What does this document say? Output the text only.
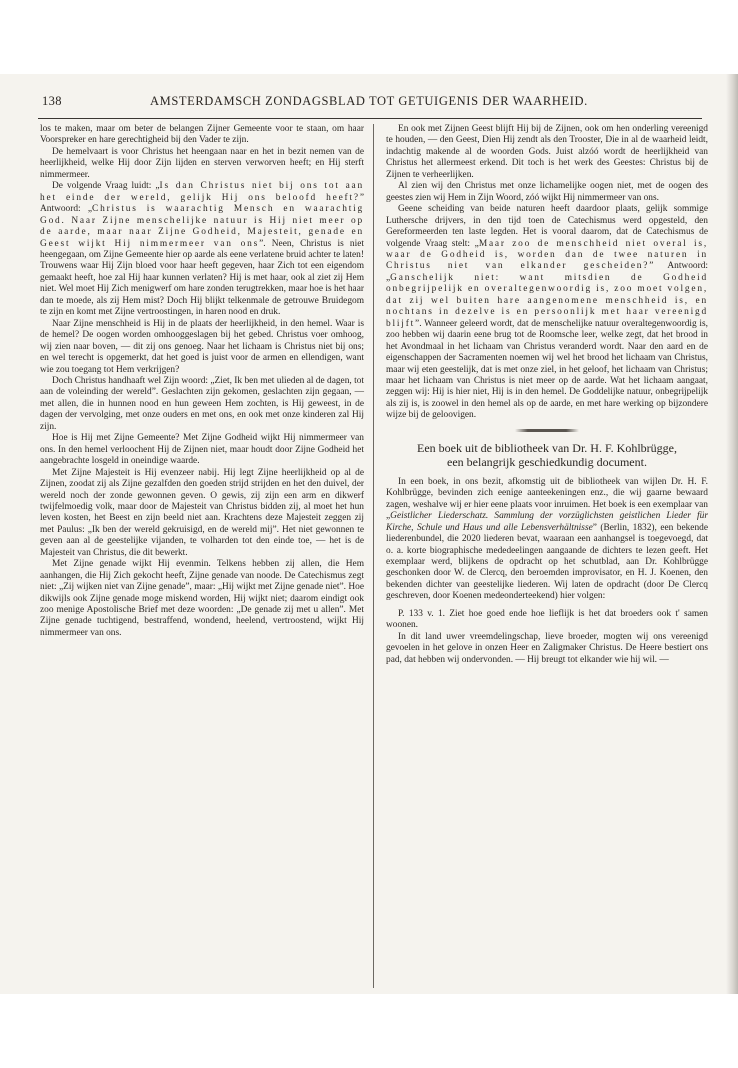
138	AMSTERDAMSCH ZONDAGSBLAD TOT GETUIGENIS DER WAARHEID.

los te maken, maar om beter de belangen Zijner Gemeente voor te staan, om haar Voorspreker en hare gerechtigheid bij den Vader te zijn.

De hemelvaart is voor Christus het heengaan naar en het in bezit nemen van de heerlijkheid, welke Hij door Zijn lijden en sterven verworven heeft; en Hij sterft nimmermeer.

De volgende Vraag luidt: „Is dan Christus niet bij ons tot aan het einde der wereld, gelijk Hij ons beloofd heeft?” Antwoord: „Christus is waarachtig Mensch en waarachtig God. Naar Zijne menschelijke natuur is Hij niet meer op de aarde, maar naar Zijne Godheid, Majesteit, genade en Geest wijkt Hij nimmermeer van ons”. Neen, Christus is niet heengegaan, om Zijne Gemeente hier op aarde als eene verlatene bruid achter te laten! Trouwens waar Hij Zijn bloed voor haar heeft gegeven, haar Zich tot een eigendom gemaakt heeft, hoe zal Hij haar kunnen verlaten? Hij is met haar, ook al ziet zij Hem niet. Wel moet Hij Zich menigwerf om hare zonden terugtrekken, maar hoe is het haar dan te moede, als zij Hem mist? Doch Hij blijkt telkenmale de getrouwe Bruidegom te zijn en komt met Zijne vertroostingen, in haren nood en druk.

Naar Zijne menschheid is Hij in de plaats der heerlijkheid, in den hemel. Waar is de hemel? De oogen worden omhooggeslagen bij het gebed. Christus voer omhoog, wij zien naar boven, — dit zij ons genoeg. Naar het lichaam is Christus niet bij ons; en wel terecht is opgemerkt, dat het goed is juist voor de armen en ellendigen, want wie zou toegang tot Hem verkrijgen?

Doch Christus handhaaft wel Zijn woord: „Ziet, Ik ben met ulieden al de dagen, tot aan de voleinding der wereld”. Geslachten zijn gekomen, geslachten zijn gegaan, — met allen, die in hunnen nood en hun geween Hem zochten, is Hij geweest, in de dagen der vervolging, met onze ouders en met ons, en ook met onze kinderen zal Hij zijn.

Hoe is Hij met Zijne Gemeente? Met Zijne Godheid wijkt Hij nimmermeer van ons. In den hemel verloochent Hij de Zijnen niet, maar houdt door Zijne Godheid het aangebrachte losgeld in oneindige waarde.

Met Zijne Majesteit is Hij evenzeer nabij. Hij legt Zijne heerlijkheid op al de Zijnen, zoodat zij als Zijne gezalfden den goeden strijd strijden en het den duivel, der wereld noch der zonde gewonnen geven. O gewis, zij zijn een arm en dikwerf twijfelmoedig volk, maar door de Majesteit van Christus bidden zij, al moet het hun leven kosten, het Beest en zijn beeld niet aan. Krachtens deze Majesteit zeggen zij met Paulus: „Ik ben der wereld gekruisigd, en de wereld mij”. Het niet gewonnen te geven aan al de geestelijke vijanden, te volharden tot den einde toe, — het is de Majesteit van Christus, die dit bewerkt.

Met Zijne genade wijkt Hij evenmin. Telkens hebben zij allen, die Hem aanhangen, die Hij Zich gekocht heeft, Zijne genade van noode. De Catechismus zegt niet: „Zij wijken niet van Zijne genade”, maar: „Hij wijkt met Zijne genade niet”. Hoe dikwijls ook Zijne genade moge miskend worden, Hij wijkt niet; daarom eindigt ook zoo menige Apostolische Brief met deze woorden: „De genade zij met u allen”. Met Zijne genade tuchtigend, bestraffend, wondend, heelend, vertroostend, wijkt Hij nimmermeer van ons.

En ook met Zijnen Geest blijft Hij bij de Zijnen, ook om hen onderling vereenigd te houden, — den Geest, Dien Hij zendt als den Trooster, Die in al de waarheid leidt, indachtig makende al de woorden Gods. Juist alzóó wordt de heerlijkheid van Christus het allermeest erkend. Dit toch is het werk des Geestes: Christus bij de Zijnen te verheerlijken.

Al zien wij den Christus met onze lichamelijke oogen niet, met de oogen des geestes zien wij Hem in Zijn Woord, zóó wijkt Hij nimmermeer van ons.

Geene scheiding van beide naturen heeft daardoor plaats, gelijk sommige Luthersche drijvers, in den tijd toen de Catechismus werd opgesteld, den Gereformeerden ten laste legden. Het is vooral daarom, dat de Catechismus de volgende Vraag stelt: „Maar zoo de menschheid niet overal is, waar de Godheid is, worden dan de twee naturen in Christus niet van elkander gescheiden?” Antwoord: „Ganschelijk niet: want mitsdien de Godheid onbegrijpelijk en overaltegenwoordig is, zoo moet volgen, dat zij wel buiten hare aangenomene menschheid is, en nochtans in dezelve is en persoonlijk met haar vereenigd blijft”. Wanneer geleerd wordt, dat de menschelijke natuur overaltegenwoordig is, zoo hebben wij daarin eene brug tot de Roomsche leer, welke zegt, dat het brood in het Avondmaal in het lichaam van Christus veranderd wordt. Naar den aard en de eigenschappen der Sacramenten noemen wij wel het brood het lichaam van Christus, maar wij eten geestelijk, dat is met onze ziel, in het geloof, het lichaam van Christus; maar het lichaam van Christus is niet meer op de aarde. Wat het lichaam aangaat, zeggen wij: Hij is hier niet, Hij is in den hemel. De Goddelijke natuur, onbegrijpelijk als zij is, is zoowel in den hemel als op de aarde, en met hare werking op bijzondere wijze bij de geloovigen.

Een boek uit de bibliotheek van Dr. H. F. Kohlbrügge,
een belangrijk geschiedkundig document.

In een boek, in ons bezit, afkomstig uit de bibliotheek van wijlen Dr. H. F. Kohlbrügge, bevinden zich eenige aanteekeningen enz., die wij gaarne bewaard zagen, weshalve wij er hier eene plaats voor inruimen. Het boek is een exemplaar van „Geistlicher Liederschatz. Sammlung der vorzüglichsten geistlichen Lieder für Kirche, Schule und Haus und alle Lebensverhältnisse” (Berlin, 1832), een bekende liederenbundel, die 2020 liederen bevat, waaraan een aanhangsel is toegevoegd, dat o. a. korte biographische mededeelingen aangaande de dichters te lezen geeft. Het exemplaar werd, blijkens de opdracht op het schutblad, aan Dr. Kohlbrügge geschonken door W. de Clercq, den beroemden improvisator, en H. J. Koenen, den bekenden dichter van geestelijke liederen. Wij laten de opdracht (door De Clercq geschreven, door Koenen medeonderteekend) hier volgen:

P. 133 v. 1. Ziet hoe goed ende hoe lieflijk is het dat broeders ook t' samen woonen.

In dit land uwer vreemdelingschap, lieve broeder, mogten wij ons vereenigd gevoelen in het gelove in onzen Heer en Zaligmaker Christus. De Heere bestiert ons pad, dat hebben wij ondervonden. — Hij breugt tot elkander wie hij wil. —
